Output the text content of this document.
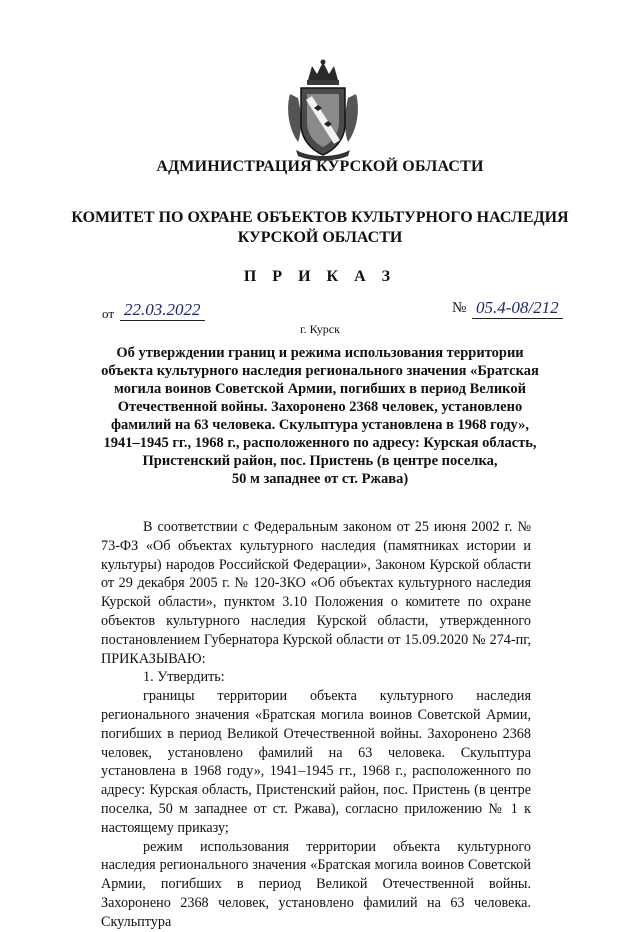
АДМИНИСТРАЦИЯ КУРСКОЙ ОБЛАСТИ
КОМИТЕТ ПО ОХРАНЕ ОБЪЕКТОВ КУЛЬТУРНОГО НАСЛЕДИЯ
КУРСКОЙ ОБЛАСТИ
П Р И К А З
от 22.03.2022	№ 05.4-08/212
г. Курск
Об утверждении границ и режима использования территории
объекта культурного наследия регионального значения «Братская
могила воинов Советской Армии, погибших в период Великой
Отечественной войны. Захоронено 2368 человек, установлено
фамилий на 63 человека. Скульптура установлена в 1968 году»,
1941–1945 гг., 1968 г., расположенного по адресу: Курская область,
Пристенский район, пос. Пристень (в центре поселка,
50 м западнее от ст. Ржава)

В соответствии с Федеральным законом от 25 июня 2002 г. № 73-ФЗ «Об объектах культурного наследия (памятниках истории и культуры) народов Российской Федерации», Законом Курской области от 29 декабря 2005 г. № 120-ЗКО «Об объектах культурного наследия Курской области», пунктом 3.10 Положения о комитете по охране объектов культурного наследия Курской области, утвержденного постановлением Губернатора Курской области от 15.09.2020 № 274-пг, ПРИКАЗЫВАЮ:

1. Утвердить:

границы территории объекта культурного наследия регионального значения «Братская могила воинов Советской Армии, погибших в период Великой Отечественной войны. Захоронено 2368 человек, установлено фамилий на 63 человека. Скульптура установлена в 1968 году», 1941–1945 гг., 1968 г., расположенного по адресу: Курская область, Пристенский район, пос. Пристень (в центре поселка, 50 м западнее от ст. Ржава), согласно приложению № 1 к настоящему приказу;

режим использования территории объекта культурного наследия регионального значения «Братская могила воинов Советской Армии, погибших в период Великой Отечественной войны. Захоронено 2368 человек, установлено фамилий на 63 человека. Скульптура
